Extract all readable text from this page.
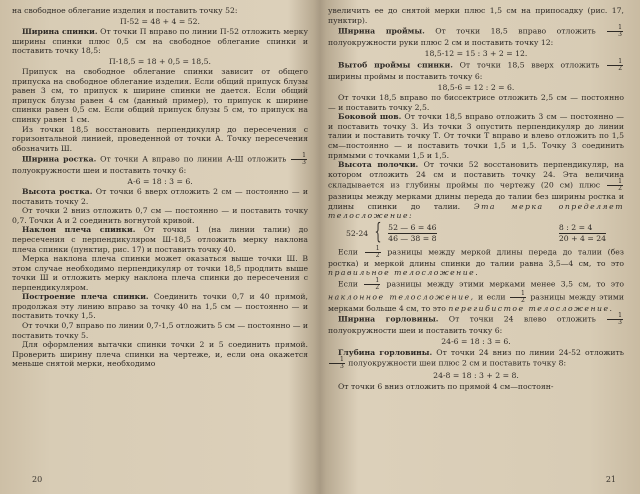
на свободное облегание изделия и поставить точку 52:

П-52 = 48 + 4 = 52.

Ширина спинки. От точки П вправо по линии П-52 отложить мерку ширины спинки плюс 0,5 см на свободное облегание спинки и поставить точку 18,5:

П-18,5 = 18 + 0,5 = 18,5.

Припуск на свободное облегание спинки зависит от общего припуска на свободное облегание изделия. Если общий припуск блузы равен 3 см, то припуск к ширине спинки не дается. Если общий припуск блузы равен 4 см (данный пример), то припуск к ширине спинки равен 0,5 см. Если общий припуск блузы 5 см, то припуск на спинку равен 1 см.

Из точки 18,5 восстановить перпендикуляр до пересечения с горизонтальной линией, проведенной от точки А. Точку пересечения обозначить Ш.

Ширина ростка. От точки А вправо по линии А-Ш отложить $\frac{1}{3}$
полуокружности шеи и поставить точку 6:

А-6 = 18 : 3 = 6.

Высота ростка. От точки 6 вверх отложить 2 см — постоянно — и поставить точку 2.

От точки 2 вниз отложить 0,7 см — постоянно — и поставить точку 0,7. Точки А и 2 соединить вогнутой кривой.

Наклон плеча спинки. От точки 1 (на линии талии) до пересечения с перпендикуляром Ш-18,5 отложить мерку наклона плеча спинки (пунктир, рис. 17) и поставить точку 40.

Мерка наклона плеча спинки может оказаться выше точки Ш. В этом случае необходимо перпендикуляр от точки 18,5 продлить выше точки Ш и отложить мерку наклона плеча спинки до пересечения с перпендикуляром.

Построение плеча спинки. Соединить точки 0,7 и 40 прямой, продолжая эту линию вправо за точку 40 на 1,5 см — постоянно — и поставить точку 1,5.

От точки 0,7 вправо по линии 0,7-1,5 отложить 5 см — постоянно — и поставить точку 5.

Для оформления вытачки спинки точки 2 и 5 соединить прямой. Проверить ширину плеча спинки на чертеже, и, если она окажется меньше снятой мерки, необходимо

20

увеличить ее до снятой мерки плюс 1,5 см на припосадку (рис. 17, пунктир).

Ширина проймы. От точки 18,5 вправо отложить $\frac{1}{3}$
полуокружности руки плюс 2 см и поставить точку 12:

18,5-12 = 15 : 3 + 2 = 12.

Вытоб проймы спинки. От точки 18,5 вверх отложить $\frac{1}{2}$
ширины проймы и поставить точку 6:

18,5-6 = 12 : 2 = 6.

От точки 18,5 вправо по биссектрисе отложить 2,5 см — постоянно — и поставить точку 2,5.

Боковой шов. От точки 18,5 вправо отложить 3 см — постоянно — и поставить точку 3. Из точки 3 опустить перпендикуляр до линии талии и поставить точку Т. От точки Т вправо и влево отложить по 1,5 см—постоянно — и поставить точки 1,5 и 1,5. Точку 3 соединить прямыми с точками 1,5 и 1,5.

Высота полочки. От точки 52 восстановить перпендикуляр, на котором отложить 24 см и поставить точку 24. Эта величина складывается из глубины проймы по чертежу (20 см) плюс $\frac{1}{2}$
разницы между мерками длины переда до талии без ширины ростка и длины спинки до талии. Эта мерка определяет телосложение:

52-24 { 52 — 6 = 46
46 — 38 = 8
8 : 2 = 4
20 + 4 = 24

Если $\frac{1}{2}$ разницы между меркой длины переда до талии (без ростка) и меркой длины спинки до талии равна 3,5—4 см, то это правильное телосложение.

Если $\frac{1}{2}$ разницы между этими мерками менее 3,5 см, то это наклонное телосложение, и если $\frac{1}{2}$ разницы между этими мерками больше 4 см, то это перегибистое телосложение.

Ширина горловины. От точки 24 влево отложить $\frac{1}{3}$
полуокружности шеи и поставить точку 6:

24-6 = 18 : 3 = 6.

Глубина горловины. От точки 24 вниз по линии 24-52 отложить
$\frac{1}{3}$ полуокружности шеи плюс 2 см и поставить точку 8:

24-8 = 18 : 3 + 2 = 8.

От точки 6 вниз отложить по прямой 4 см—постоян-

21
